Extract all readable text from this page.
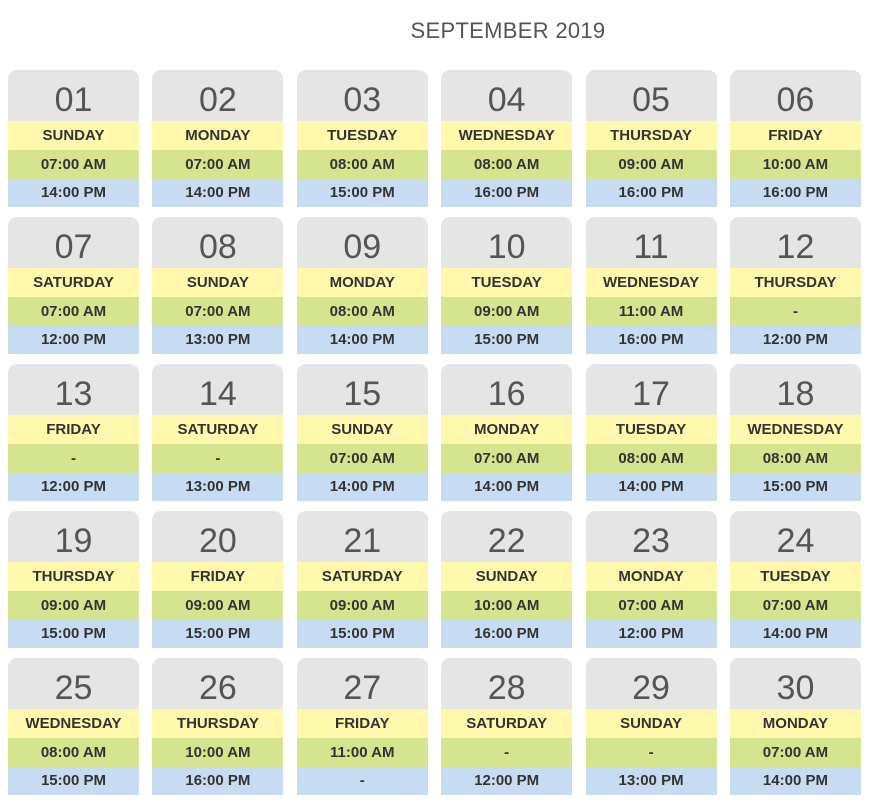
SEPTEMBER 2019
01
SUNDAY
07:00 AM
14:00 PM
02
MONDAY
07:00 AM
14:00 PM
03
TUESDAY
08:00 AM
15:00 PM
04
WEDNESDAY
08:00 AM
16:00 PM
05
THURSDAY
09:00 AM
16:00 PM
06
FRIDAY
10:00 AM
16:00 PM
07
SATURDAY
07:00 AM
12:00 PM
08
SUNDAY
07:00 AM
13:00 PM
09
MONDAY
08:00 AM
14:00 PM
10
TUESDAY
09:00 AM
15:00 PM
11
WEDNESDAY
11:00 AM
16:00 PM
12
THURSDAY
-
12:00 PM
13
FRIDAY
-
12:00 PM
14
SATURDAY
-
13:00 PM
15
SUNDAY
07:00 AM
14:00 PM
16
MONDAY
07:00 AM
14:00 PM
17
TUESDAY
08:00 AM
14:00 PM
18
WEDNESDAY
08:00 AM
15:00 PM
19
THURSDAY
09:00 AM
15:00 PM
20
FRIDAY
09:00 AM
15:00 PM
21
SATURDAY
09:00 AM
15:00 PM
22
SUNDAY
10:00 AM
16:00 PM
23
MONDAY
07:00 AM
12:00 PM
24
TUESDAY
07:00 AM
14:00 PM
25
WEDNESDAY
08:00 AM
15:00 PM
26
THURSDAY
10:00 AM
16:00 PM
27
FRIDAY
11:00 AM
-
28
SATURDAY
-
12:00 PM
29
SUNDAY
-
13:00 PM
30
MONDAY
07:00 AM
14:00 PM
